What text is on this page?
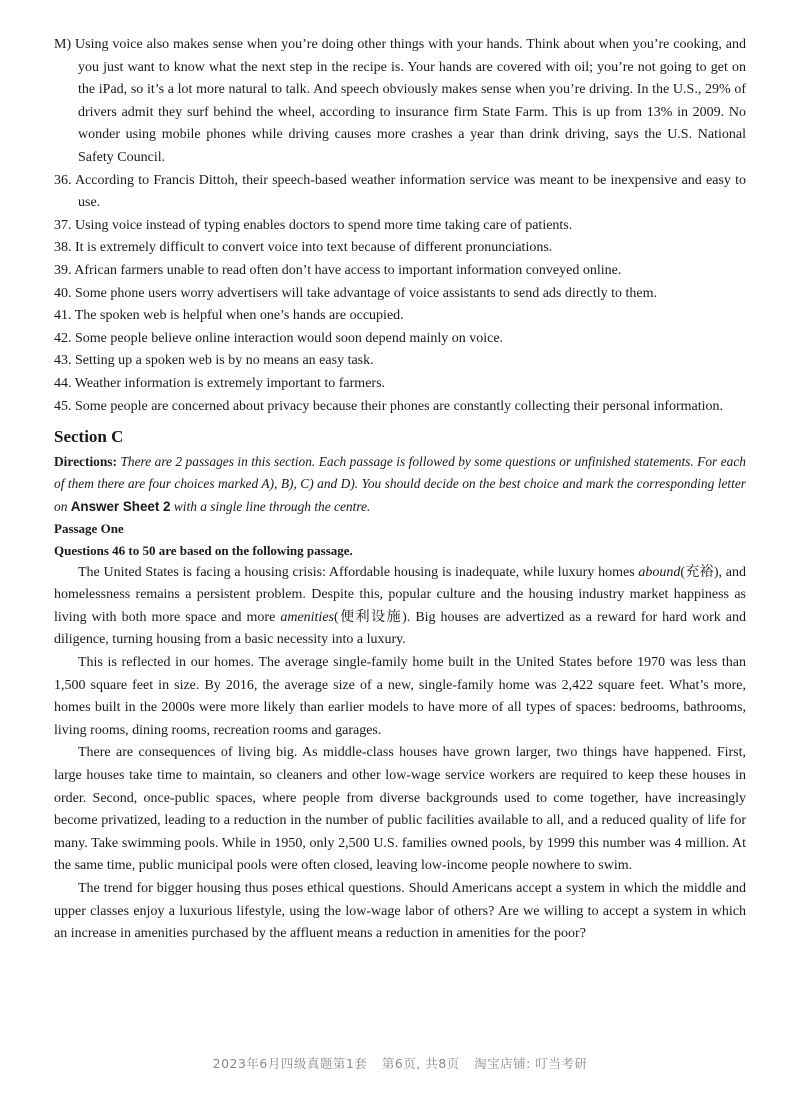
M) Using voice also makes sense when you’re doing other things with your hands. Think about when you’re cooking, and you just want to know what the next step in the recipe is. Your hands are covered with oil; you’re not going to get on the iPad, so it’s a lot more natural to talk. And speech obviously makes sense when you’re driving. In the U.S., 29% of drivers admit they surf behind the wheel, according to insurance firm State Farm. This is up from 13% in 2009. No wonder using mobile phones while driving causes more crashes a year than drink driving, says the U.S. National Safety Council.

36. According to Francis Dittoh, their speech-based weather information service was meant to be inexpensive and easy to use.

37. Using voice instead of typing enables doctors to spend more time taking care of patients.

38. It is extremely difficult to convert voice into text because of different pronunciations.

39. African farmers unable to read often don’t have access to important information conveyed online.

40. Some phone users worry advertisers will take advantage of voice assistants to send ads directly to them.

41. The spoken web is helpful when one’s hands are occupied.

42. Some people believe online interaction would soon depend mainly on voice.

43. Setting up a spoken web is by no means an easy task.

44. Weather information is extremely important to farmers.

45. Some people are concerned about privacy because their phones are constantly collecting their personal information.

Section C

Directions: There are 2 passages in this section. Each passage is followed by some questions or unfinished statements. For each of them there are four choices marked A), B), C) and D). You should decide on the best choice and mark the corresponding letter on Answer Sheet 2 with a single line through the centre.

Passage One

Questions 46 to 50 are based on the following passage.

The United States is facing a housing crisis: Affordable housing is inadequate, while luxury homes abound(充裕), and homelessness remains a persistent problem. Despite this, popular culture and the housing industry market happiness as living with both more space and more amenities(便利设施). Big houses are advertized as a reward for hard work and diligence, turning housing from a basic necessity into a luxury.

This is reflected in our homes. The average single-family home built in the United States before 1970 was less than 1,500 square feet in size. By 2016, the average size of a new, single-family home was 2,422 square feet. What’s more, homes built in the 2000s were more likely than earlier models to have more of all types of spaces: bedrooms, bathrooms, living rooms, dining rooms, recreation rooms and garages.

There are consequences of living big. As middle-class houses have grown larger, two things have happened. First, large houses take time to maintain, so cleaners and other low-wage service workers are required to keep these houses in order. Second, once-public spaces, where people from diverse backgrounds used to come together, have increasingly become privatized, leading to a reduction in the number of public facilities available to all, and a reduced quality of life for many. Take swimming pools. While in 1950, only 2,500 U.S. families owned pools, by 1999 this number was 4 million. At the same time, public municipal pools were often closed, leaving low-income people nowhere to swim.

The trend for bigger housing thus poses ethical questions. Should Americans accept a system in which the middle and upper classes enjoy a luxurious lifestyle, using the low-wage labor of others? Are we willing to accept a system in which an increase in amenities purchased by the affluent means a reduction in amenities for the poor?

2023年6月四级真题第1套 第6页, 共8页 淘宝店铺: 叮当考研
